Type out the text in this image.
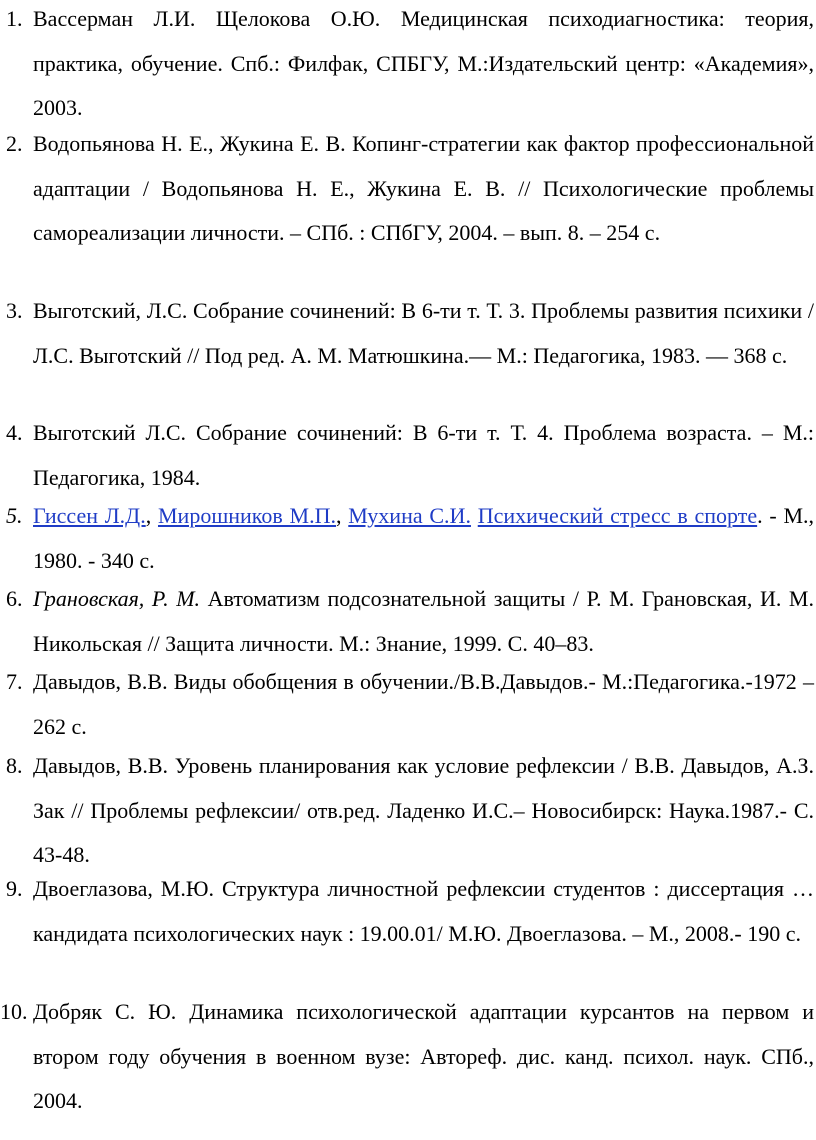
1. Вассерман Л.И. Щелокова О.Ю. Медицинская психодиагностика: теория, практика, обучение. Спб.: Филфак, СПБГУ, М.:Издательский центр: «Академия», 2003.
2. Водопьянова Н. Е., Жукина Е. В. Копинг-стратегии как фактор профессиональной адаптации / Водопьянова Н. Е., Жукина Е. В. // Психологические проблемы самореализации личности. – СПб. : СПбГУ, 2004. – вып. 8. – 254 с.
3. Выготский, Л.С. Собрание сочинений: В 6-ти т. Т. 3. Проблемы развития психики / Л.С. Выготский // Под ред. А. М. Матюшкина.— М.: Педагогика, 1983. — 368 с.
4. Выготский Л.С. Собрание сочинений: В 6-ти т. Т. 4. Проблема возраста. – М.: Педагогика, 1984.
5. Гиссен Л.Д., Мирошников М.П., Мухина С.И. Психический стресс в спорте. - М., 1980. - 340 с.
6. Грановская, Р. М. Автоматизм подсознательной защиты / Р. М. Грановская, И. М. Никольская // Защита личности. М.: Знание, 1999. С. 40–83.
7. Давыдов, В.В. Виды обобщения в обучении./В.В.Давыдов.- М.:Педагогика.-1972 – 262 с.
8. Давыдов, В.В. Уровень планирования как условие рефлексии / В.В. Давыдов, А.З. Зак // Проблемы рефлексии/ отв.ред. Ладенко И.С.– Новосибирск: Наука.1987.- С. 43-48.
9. Двоеглазова, М.Ю. Структура личностной рефлексии студентов : диссертация … кандидата психологических наук : 19.00.01/ М.Ю. Двоеглазова. – М., 2008.- 190 с.
10. Добряк С. Ю. Динамика психологической адаптации курсантов на первом и втором году обучения в военном вузе: Автореф. дис. канд. психол. наук. СПб., 2004.
